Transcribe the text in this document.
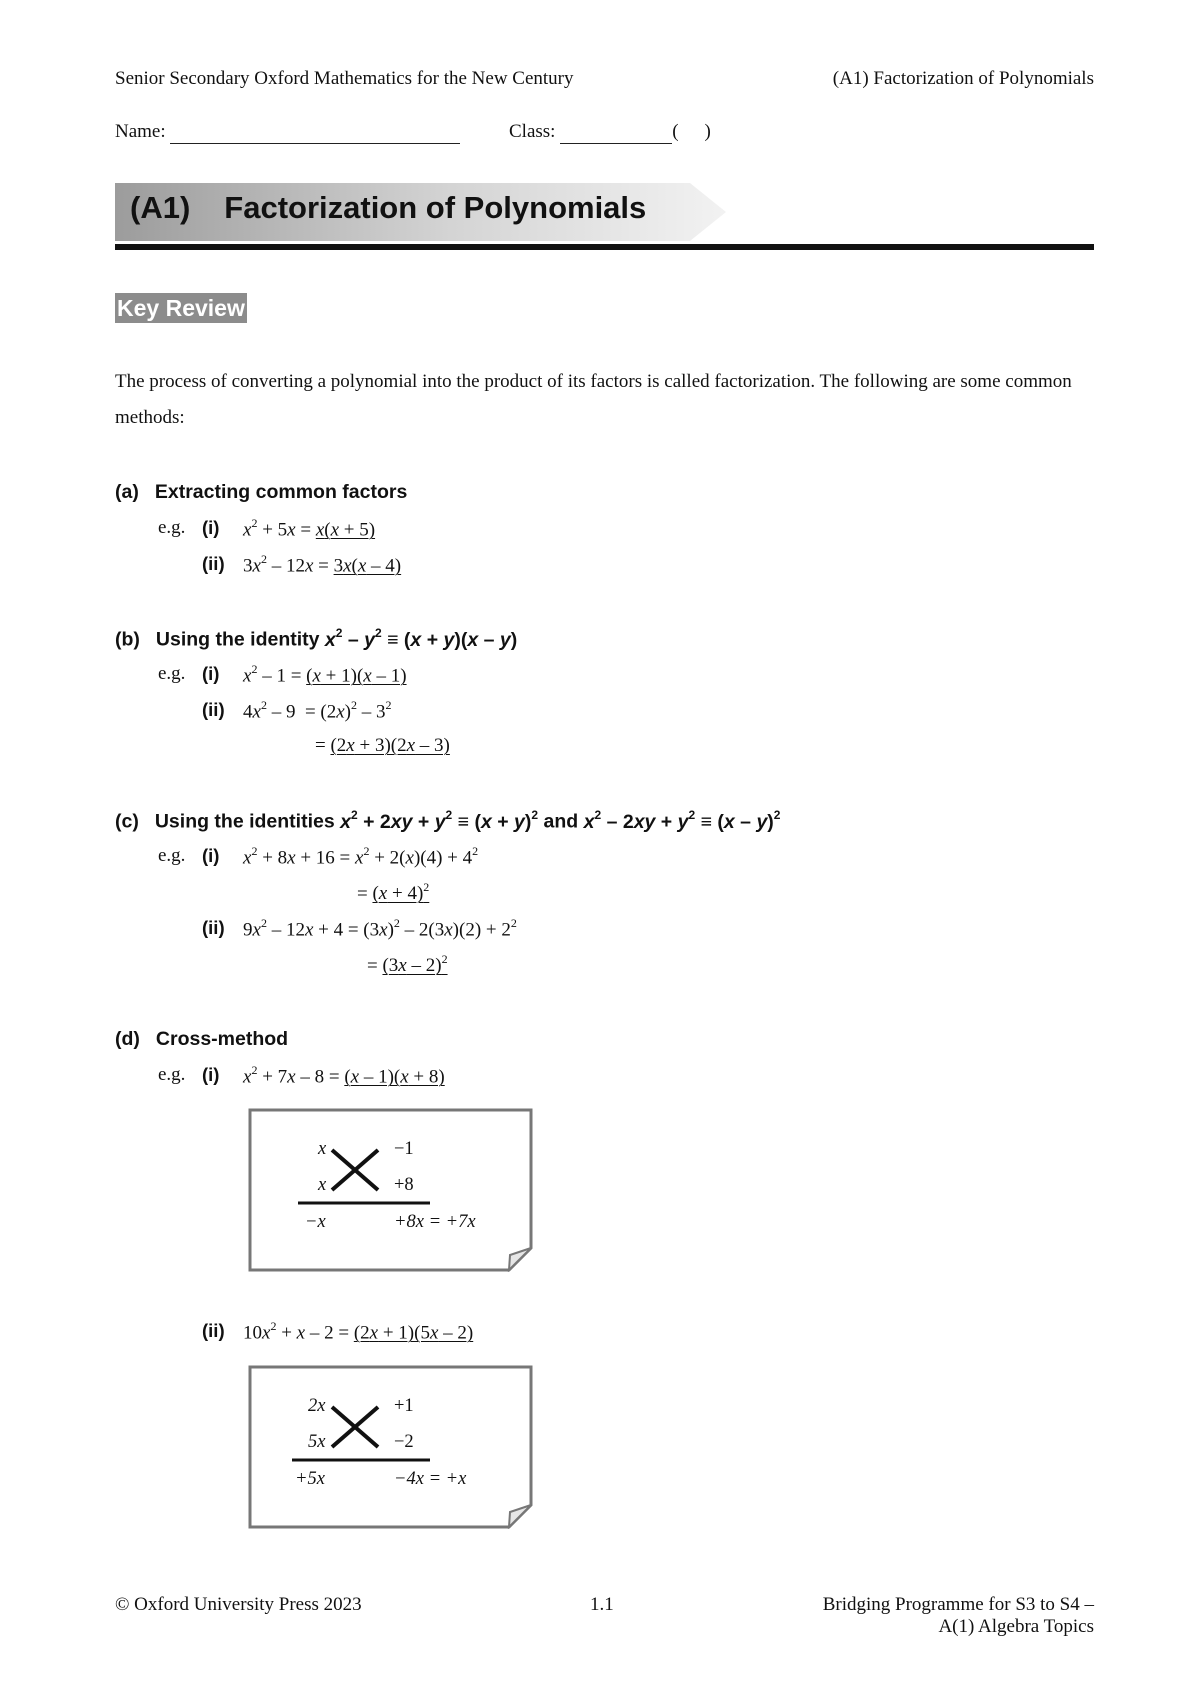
Senior Secondary Oxford Mathematics for the New Century	(A1) Factorization of Polynomials
Name:	Class:	( )
(A1) Factorization of Polynomials
Key Review
The process of converting a polynomial into the product of its factors is called factorization. The following are some common methods:
(a) Extracting common factors
e.g. (i) $x^2 + 5x = x(x + 5)$
(ii) $3x^2 - 12x = 3x(x - 4)$
(b) Using the identity $x^2 - y^2 \equiv (x + y)(x - y)$
e.g. (i) $x^2 - 1 = (x + 1)(x - 1)$
(ii) $4x^2 - 9 = (2x)^2 - 3^2$
= (2x + 3)(2x – 3)
(c) Using the identities $x^2 + 2xy + y^2 \equiv (x + y)^2$ and $x^2 - 2xy + y^2 \equiv (x - y)^2$
e.g. (i) $x^2 + 8x + 16 = x^2 + 2(x)(4) + 4^2$
= $(x + 4)^2$
(ii) $9x^2 - 12x + 4 = (3x)^2 - 2(3x)(2) + 2^2$
= (3x – 2)$^2$
(d) Cross-method
e.g. (i) $x^2 + 7x - 8 = (x - 1)(x + 8)$
x	−1
x	+8
−x	+8x = +7x
(ii) $10x^2 + x - 2 = (2x + 1)(5x - 2)$
2x	+1
5x	−2
+5x	−4x = +x
© Oxford University Press 2023	1.1	Bridging Programme for S3 to S4 –
A(1) Algebra Topics
